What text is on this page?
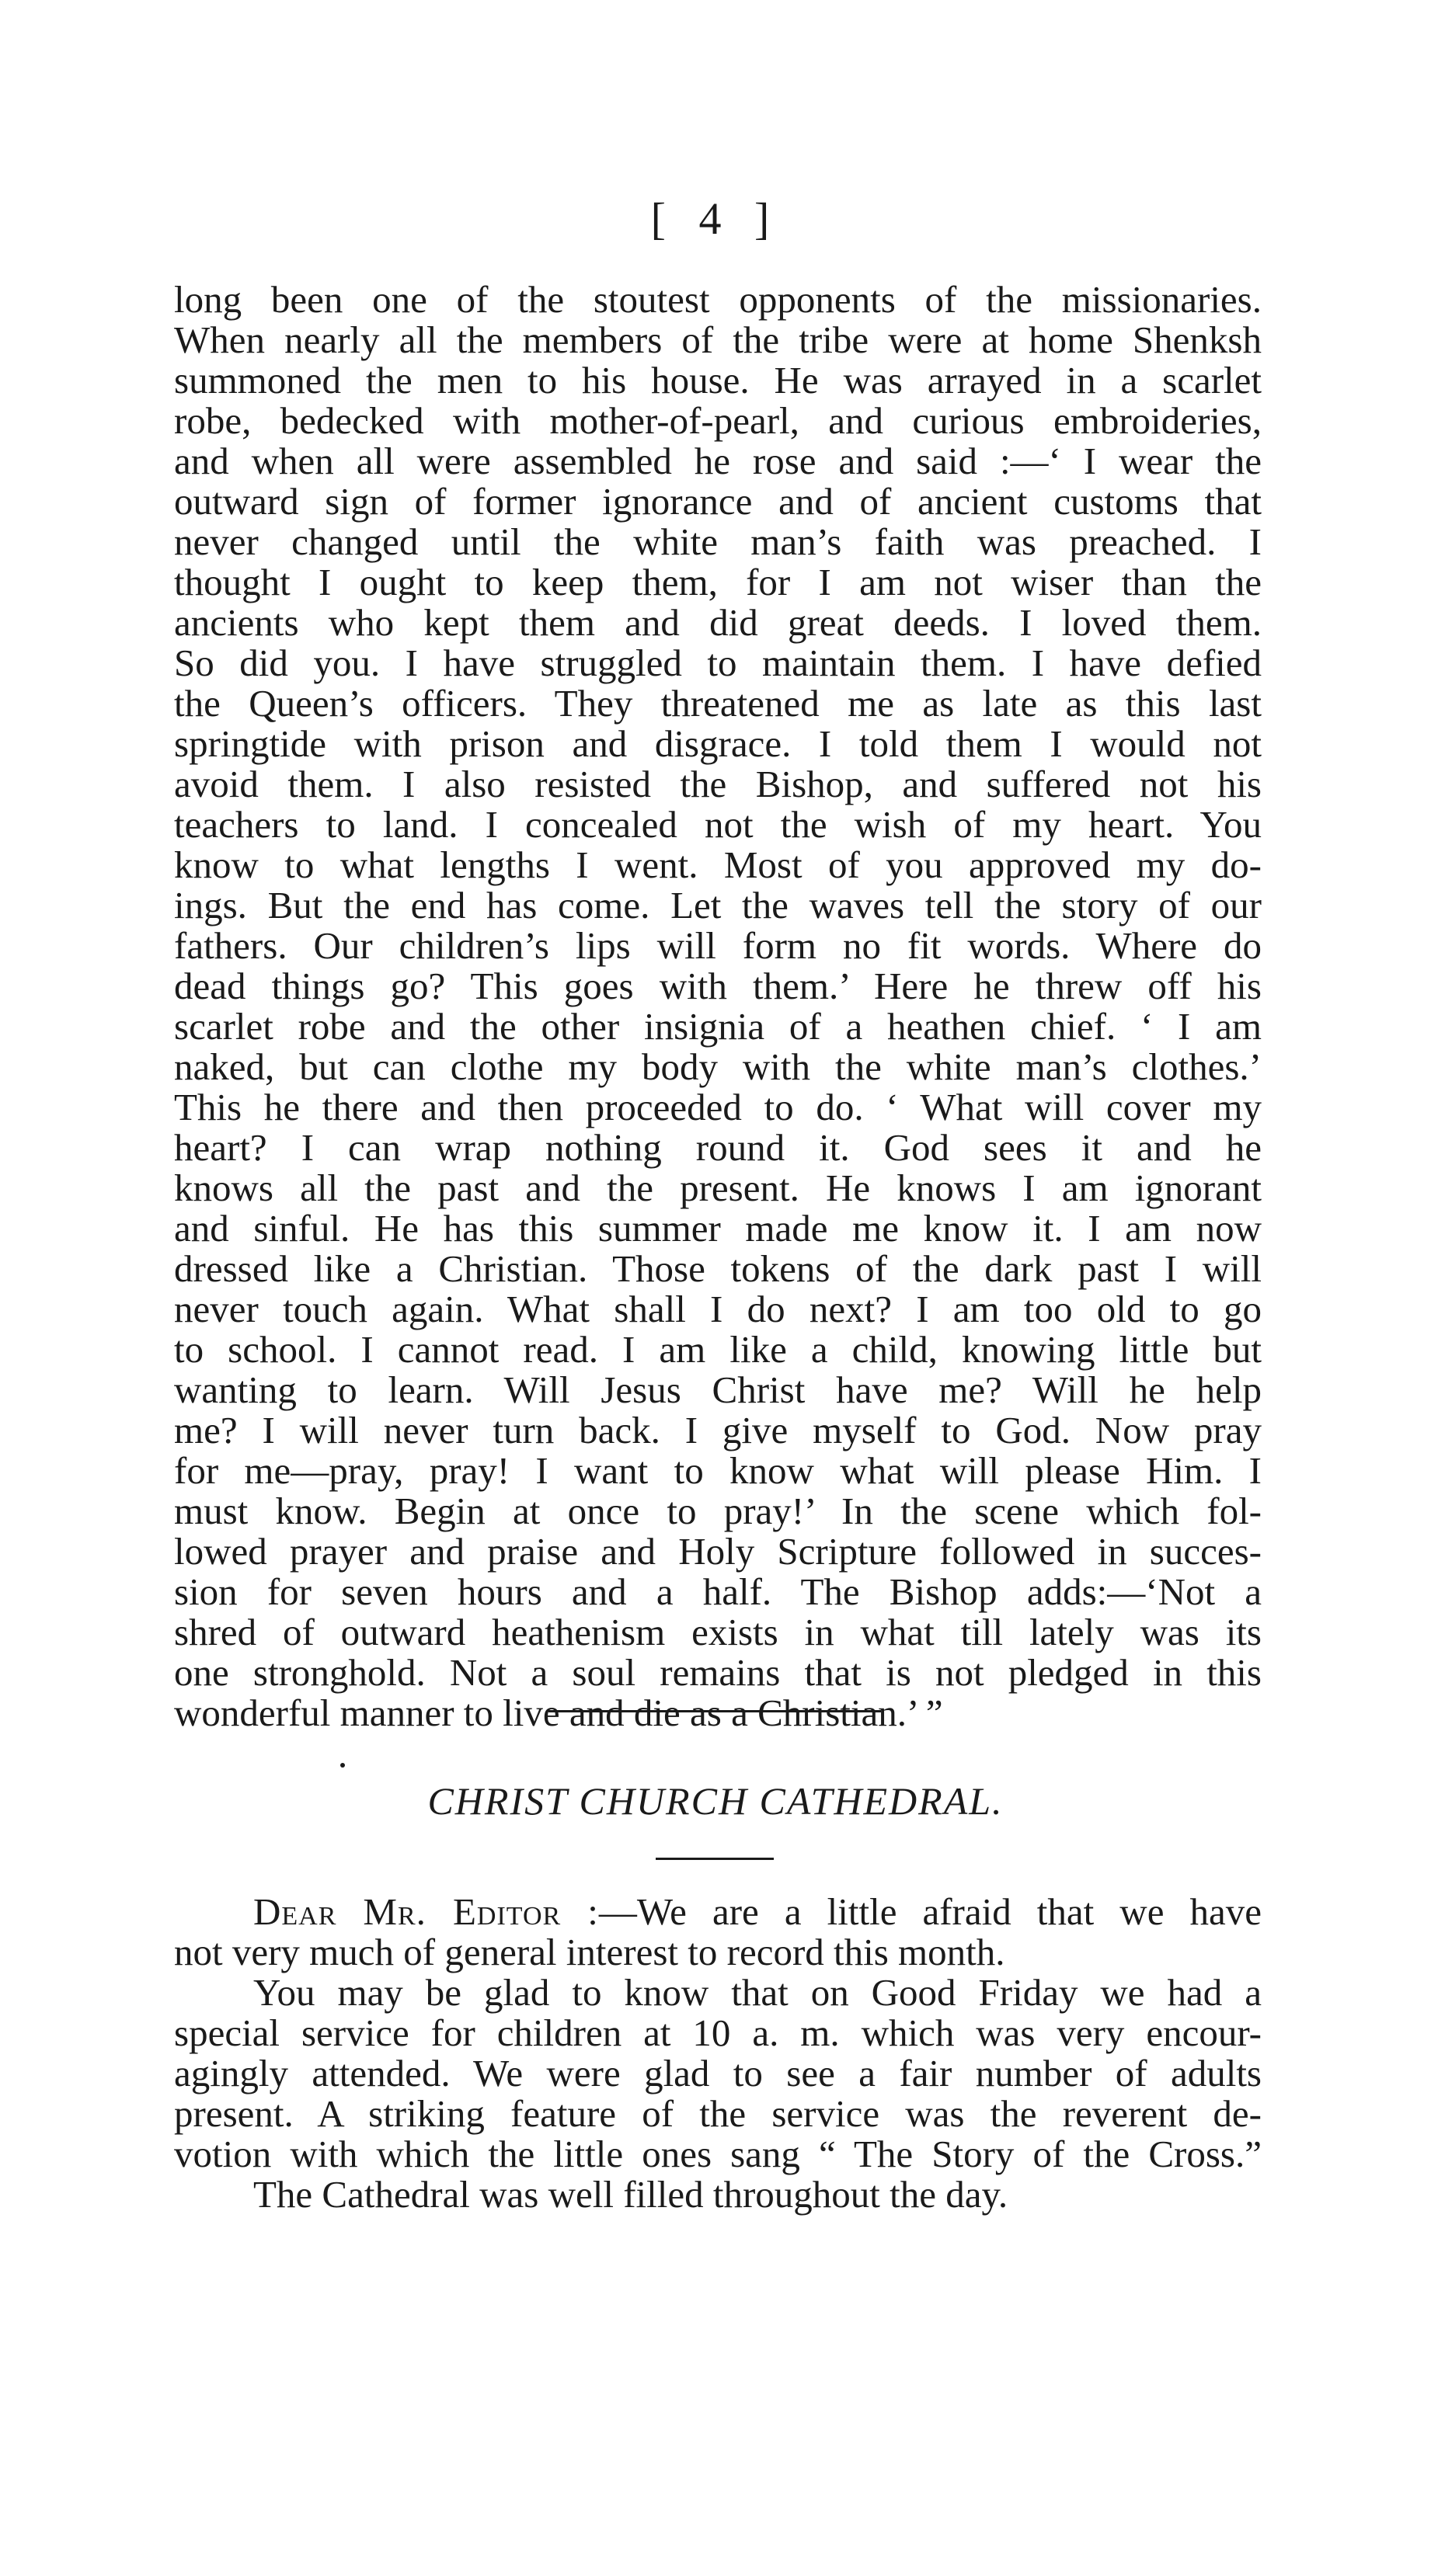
[ 4 ]
long been one of the stoutest opponents of the missionaries.
When nearly all the members of the tribe were at home Shenksh
summoned the men to his house. He was arrayed in a scarlet
robe, bedecked with mother-of-pearl, and curious embroideries,
and when all were assembled he rose and said :—‘ I wear the
outward sign of former ignorance and of ancient customs that
never changed until the white man’s faith was preached. I
thought I ought to keep them, for I am not wiser than the
ancients who kept them and did great deeds. I loved them.
So did you. I have struggled to maintain them. I have defied
the Queen’s officers. They threatened me as late as this last
springtide with prison and disgrace. I told them I would not
avoid them. I also resisted the Bishop, and suffered not his
teachers to land. I concealed not the wish of my heart. You
know to what lengths I went. Most of you approved my do-
ings. But the end has come. Let the waves tell the story of our
fathers. Our children’s lips will form no fit words. Where do
dead things go? This goes with them.’ Here he threw off his
scarlet robe and the other insignia of a heathen chief. ‘ I am
naked, but can clothe my body with the white man’s clothes.’
This he there and then proceeded to do. ‘ What will cover my
heart? I can wrap nothing round it. God sees it and he
knows all the past and the present. He knows I am ignorant
and sinful. He has this summer made me know it. I am now
dressed like a Christian. Those tokens of the dark past I will
never touch again. What shall I do next? I am too old to go
to school. I cannot read. I am like a child, knowing little but
wanting to learn. Will Jesus Christ have me? Will he help
me? I will never turn back. I give myself to God. Now pray
for me—pray, pray! I want to know what will please Him. I
must know. Begin at once to pray!’ In the scene which fol-
lowed prayer and praise and Holy Scripture followed in succes-
sion for seven hours and a half. The Bishop adds:—‘Not a
shred of outward heathenism exists in what till lately was its
one stronghold. Not a soul remains that is not pledged in this
wonderful manner to live and die as a Christian.’ ”
CHRIST CHURCH CATHEDRAL.
Dear Mr. Editor :—We are a little afraid that we have
not very much of general interest to record this month.
You may be glad to know that on Good Friday we had a
special service for children at 10 a. m. which was very encour-
agingly attended. We were glad to see a fair number of adults
present. A striking feature of the service was the reverent de-
votion with which the little ones sang “ The Story of the Cross.”
The Cathedral was well filled throughout the day.
